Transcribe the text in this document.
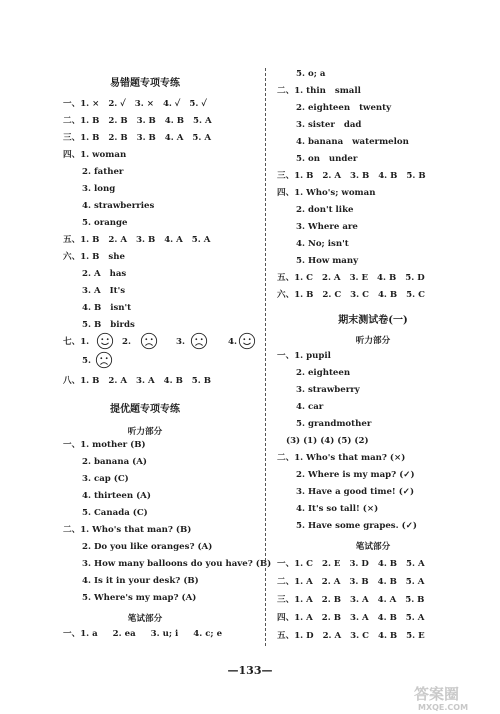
易错题专项专练
一、1. ×   2. ✓   3. ×   4. ✓   5. ✓
二、1. B   2. B   3. B   4. B   5. A
三、1. B   2. B   3. B   4. A   5. A
四、1. woman
2. father
3. long
4. strawberries
5. orange
五、1. B   2. A   3. B   4. A   5. A
六、1. B   she
2. A   has
3. A   It's
4. B   isn't
5. B   birds
七、1.	2.	3.	4.
5.
八、1. B   2. A   3. A   4. B   5. B
提优题专项专练
听力部分
一、1. mother (B)
2. banana (A)
3. cap (C)
4. thirteen (A)
5. Canada (C)
二、1. Who's that man? (B)
2. Do you like oranges? (A)
3. How many balloons do you have? (B)
4. Is it in your desk? (B)
5. Where's my map? (A)
笔试部分
一、1. a     2. ea     3. u; i     4. c; e
5. o; a
二、1. thin   small
2. eighteen   twenty
3. sister   dad
4. banana   watermelon
5. on   under
三、1. B   2. A   3. B   4. B   5. B
四、1. Who's; woman
2. don't like
3. Where are
4. No; isn't
5. How many
五、1. C   2. A   3. E   4. B   5. D
六、1. B   2. C   3. C   4. B   5. C
期末测试卷(一)
听力部分
一、1. pupil
2. eighteen
3. strawberry
4. car
5. grandmother
(3) (1) (4) (5) (2)
二、1. Who's that man? (×)
2. Where is my map? (✓)
3. Have a good time! (✓)
4. It's so tall! (×)
5. Have some grapes. (✓)
笔试部分
一、1. C   2. E   3. D   4. B   5. A
二、1. A   2. A   3. B   4. B   5. A
三、1. A   2. B   3. A   4. A   5. B
四、1. A   2. B   3. A   4. B   5. A
五、1. D   2. A   3. C   4. B   5. E
—133—
答案圈
MXQE.COM
